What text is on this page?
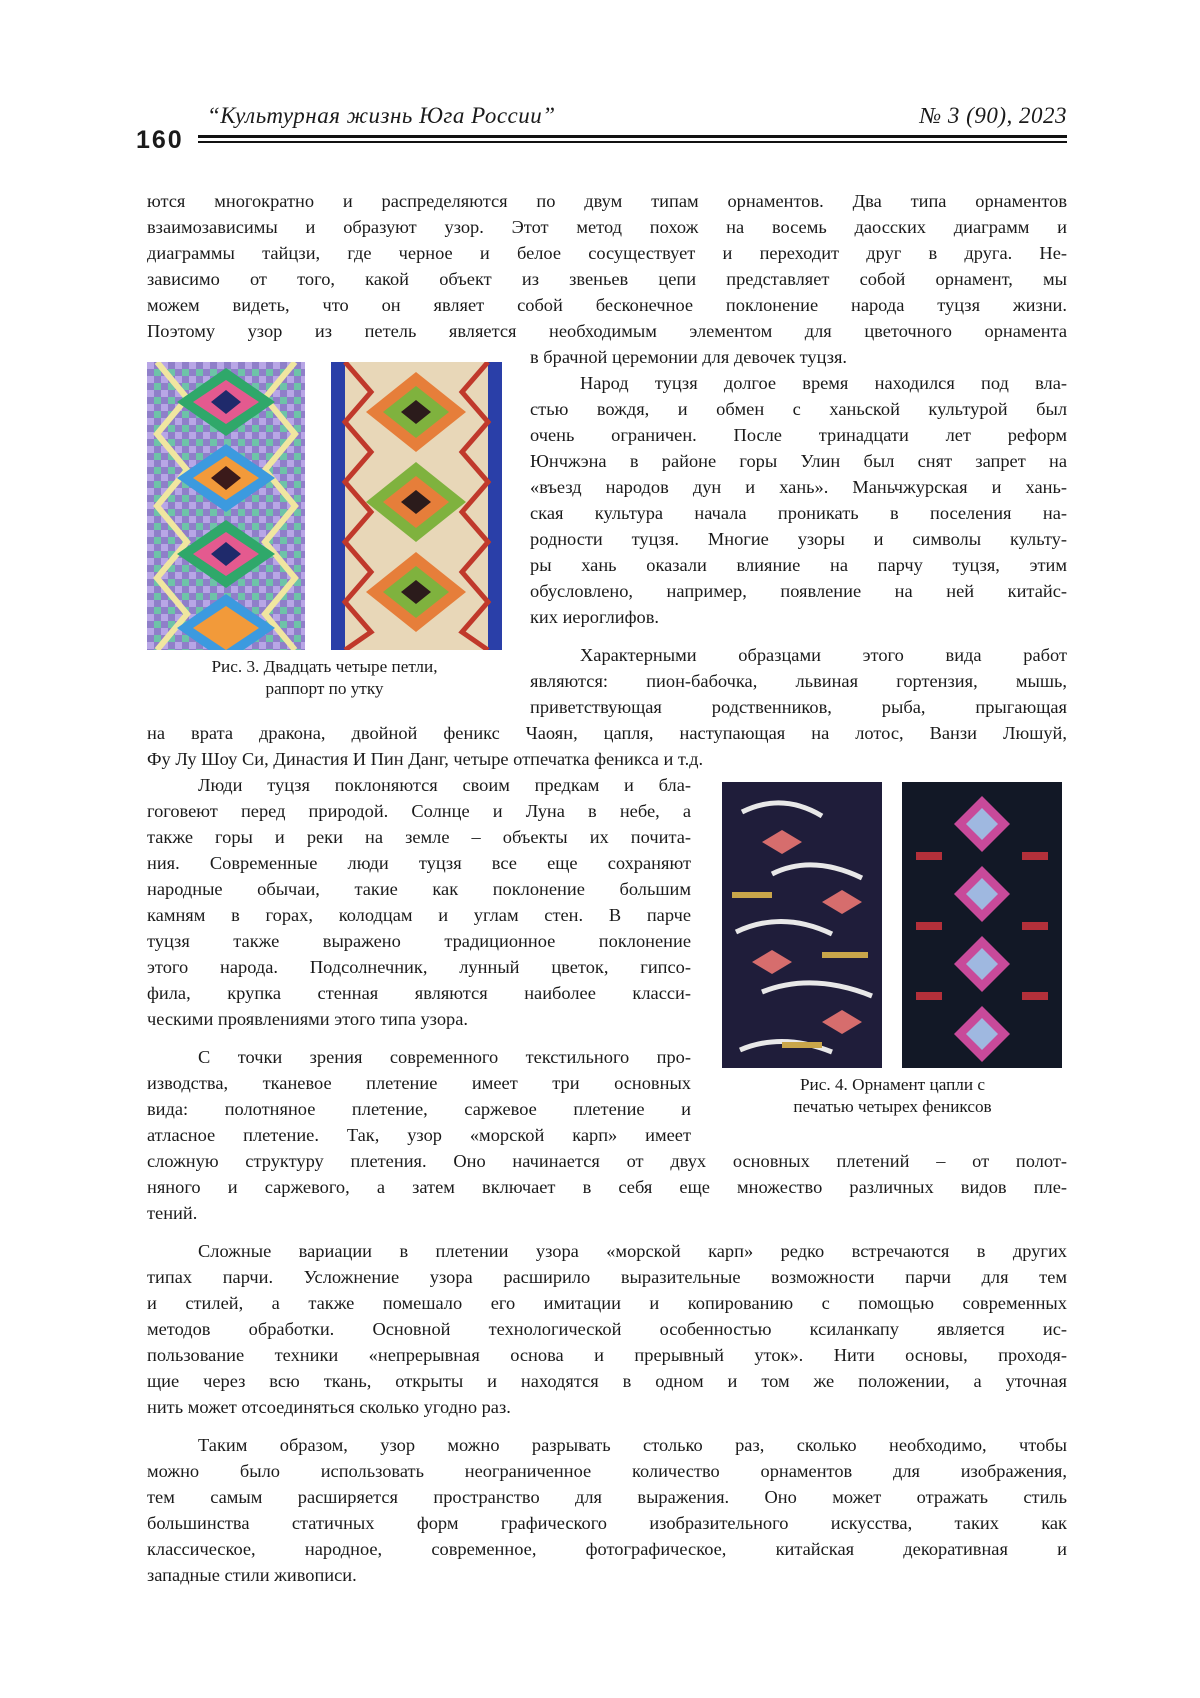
160
“Культурная жизнь Юга России”	№ 3 (90), 2023
ются многократно и распределяются по двум типам орнаментов. Два типа орнаментов
взаимозависимы и образуют узор. Этот метод похож на восемь даосских диаграмм и
диаграммы тайцзи, где черное и белое сосуществует и переходит друг в друга. Не-
зависимо от того, какой объект из звеньев цепи представляет собой орнамент, мы
можем видеть, что он являет собой бесконечное поклонение народа туцзя жизни.
Поэтому узор из петель является необходимым элементом для цветочного орнамента
Рис. 3. Двадцать четыре петли,
раппорт по утку
в брачной церемонии для девочек туцзя.
Народ туцзя долгое время находился под вла-
стью вождя, и обмен с ханьской культурой был
очень ограничен. После тринадцати лет реформ
Юнчжэна в районе горы Улин был снят запрет на
«въезд народов дун и хань». Маньчжурская и хань-
ская культура начала проникать в поселения на-
родности туцзя. Многие узоры и символы культу-
ры хань оказали влияние на парчу туцзя, этим
обусловлено, например, появление на ней китайс-
ких иероглифов.
Характерными образцами этого вида работ
являются: пион-бабочка, львиная гортензия, мышь,
приветствующая родственников, рыба, прыгающая
на врата дракона, двойной феникс Чаоян, цапля, наступающая на лотос, Ванзи Люшуй,
Фу Лу Шоу Си, Династия И Пин Данг, четыре отпечатка феникса и т.д.
Люди туцзя поклоняются своим предкам и бла-
гоговеют перед природой. Солнце и Луна в небе, а
также горы и реки на земле – объекты их почита-
ния. Современные люди туцзя все еще сохраняют
народные обычаи, такие как поклонение большим
камням в горах, колодцам и углам стен. В парче
туцзя также выражено традиционное поклонение
этого народа. Подсолнечник, лунный цветок, гипсо-
фила, крупка стенная являются наиболее класси-
ческими проявлениями этого типа узора.
С точки зрения современного текстильного про-
изводства, тканевое плетение имеет три основных
вида: полотняное плетение, саржевое плетение и
атласное плетение. Так, узор «морской карп» имеет
Рис. 4. Орнамент цапли с
печатью четырех фениксов
сложную структуру плетения. Оно начинается от двух основных плетений – от полот-
няного и саржевого, а затем включает в себя еще множество различных видов пле-
тений.
Сложные вариации в плетении узора «морской карп» редко встречаются в других
типах парчи. Усложнение узора расширило выразительные возможности парчи для тем
и стилей, а также помешало его имитации и копированию с помощью современных
методов обработки. Основной технологической особенностью ксиланкапу является ис-
пользование техники «непрерывная основа и прерывный уток». Нити основы, проходя-
щие через всю ткань, открыты и находятся в одном и том же положении, а уточная
нить может отсоединяться сколько угодно раз.
Таким образом, узор можно разрывать столько раз, сколько необходимо, чтобы
можно было использовать неограниченное количество орнаментов для изображения,
тем самым расширяется пространство для выражения. Оно может отражать стиль
большинства статичных форм графического изобразительного искусства, таких как
классическое, народное, современное, фотографическое, китайская декоративная и
западные стили живописи.
